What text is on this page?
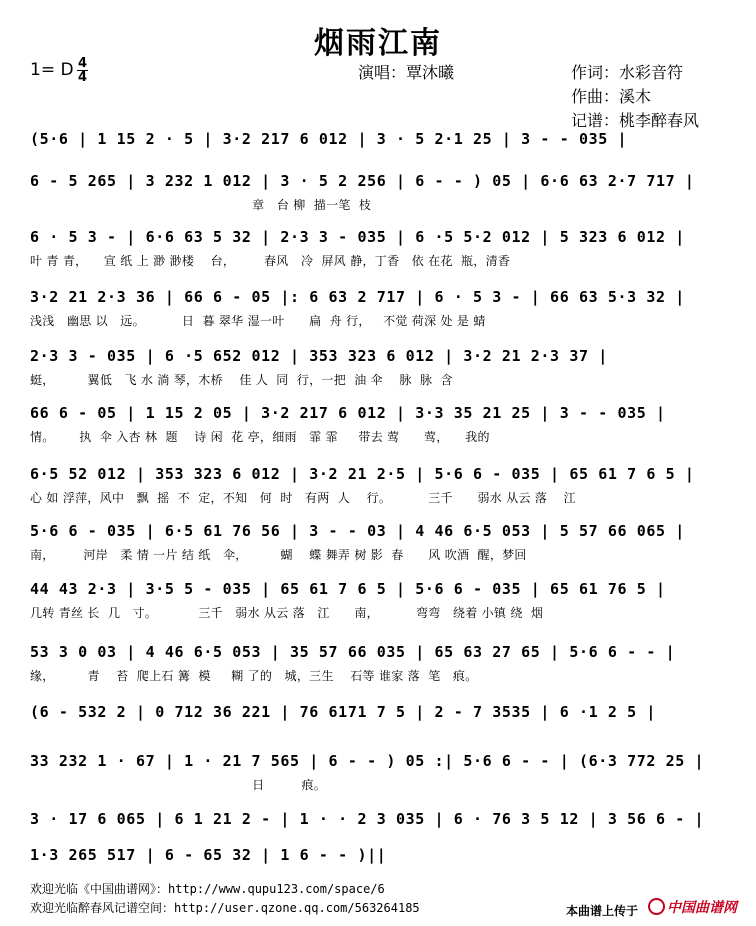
烟雨江南
1= D 4
4	演唱：覃沐曦	作词：水彩音符
作曲：溪木
记谱：桃李醉春风
(5·6 | 1 15 2 · 5 | 3·2 217 6 012 | 3 · 5 2·1 25 | 3 - - 035 |
6 - 5 265 | 3 232 1 012 | 3 · 5 2 256 | 6 - - ) 05 | 6·6 63 2·7 717 |
章   台 柳  描一笔  枝
6 · 5 3 - | 6·6 63 5 32 | 2·3 3 - 035 | 6 ·5 5·2 012 | 5 323 6 012 |
叶 青 青，    宣 纸 上 渺 渺楼    台，       春风   冷  屏风 静，丁香   依 在花  瓶，清香
3·2 21 2·3 36 | 66 6 - 05 |: 6 63 2 717 | 6 · 5 3 - | 66 63 5·3 32 |
浅浅   幽思 以   远。         日  暮 翠华 湿一叶      扁  舟 行，   不觉 荷深 处 是 蜻
2·3 3 - 035 | 6 ·5 652 012 | 353 323 6 012 | 3·2 21 2·3 37 |
蜓，        翼低   飞 水 淌 琴，木桥    佳 人  同  行，一把  油 伞    脉  脉  含
66 6 - 05 | 1 15 2 05 | 3·2 217 6 012 | 3·3 35 21 25 | 3 - - 035 |
情。      执  伞 入杏 林  题    诗 闲  花 亭，细雨   霏 霏     带去 莺      莺，    我的
6·5 52 012 | 353 323 6 012 | 3·2 21 2·5 | 5·6 6 - 035 | 65 61 7 6 5 |
心 如 浮萍，风中   飘  摇  不  定，不知   何  时   有两  人    行。         三千      弱水 从云 落    江
5·6 6 - 035 | 6·5 61 76 56 | 3 - - 03 | 4 46 6·5 053 | 5 57 66 065 |
南，       河岸   柔 情 一片 结 纸   伞，        蝴    蝶 舞弄 树 影  春      风 吹酒  醒，梦回
44 43 2·3 | 3·5 5 - 035 | 65 61 7 6 5 | 5·6 6 - 035 | 65 61 76 5 |
几转 青丝 长  几   寸。          三千   弱水 从云 落   江      南，         弯弯   绕着 小镇 绕  烟
53 3 0 03 | 4 46 6·5 053 | 35 57 66 035 | 65 63 27 65 | 5·6 6 - - |
缘，        青    苔  爬上石 篝  模     糊 了的   城，三生    石等 谁家 落  笔   痕。
(6 - 532 2 | 0 712 36 221 | 76 6171 7 5 | 2 - 7 3535 | 6 ·1 2 5 |
33 232 1 · 67 | 1 · 21 7 565 | 6 - - ) 05 :| 5·6 6 - - | (6·3 772 25 |
日         痕。
3 · 17 6 065 | 6 1 21 2 - | 1 · · 2 3 035 | 6 · 76 3 5 12 | 3 56 6 - |
1·3 265 517 | 6 - 65 32 | 1 6 - - )||
欢迎光临《中国曲谱网》：http://www.qupu123.com/space/6
欢迎光临醉春风记谱空间：http://user.qzone.qq.com/563264185	本曲谱上传于	中国曲谱网
